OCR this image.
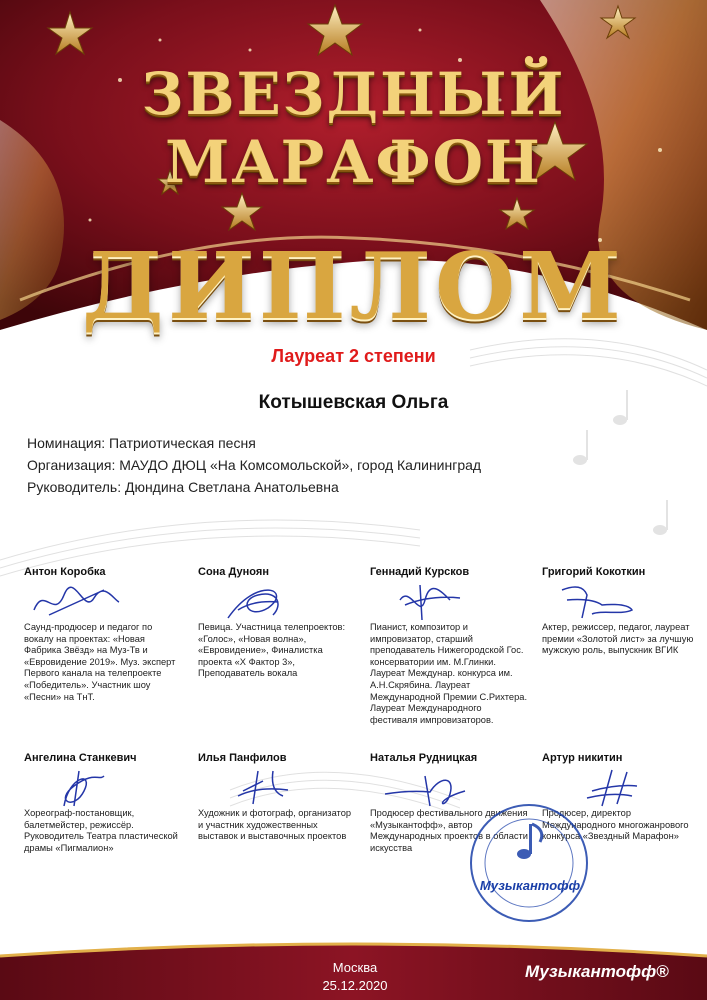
ЗВЕЗДНЫЙ
МАРАФОН
ДИПЛОМ
Лауреат 2 степени
Котышевская Ольга
Номинация: Патриотическая песня
Организация: МАУДО ДЮЦ «На Комсомольской», город Калининград
Руководитель: Дюндина Светлана Анатольевна
Антон Коробка
Саунд-продюсер и педагог по вокалу на проектах: «Новая Фабрика Звёзд» на Муз-Тв и «Евровидение 2019». Муз. эксперт Первого канала на телепроекте «Победитель». Участник шоу «Песни» на ТнТ.
Сона Дунoян
Певица. Участница телепроектов: «Голос», «Новая волна», «Евровидение», Финалистка проекта «Х Фактор 3», Преподаватель вокала
Геннадий Курсков
Пианист, композитор и импровизатор, старший преподаватель Нижегородской Гос. консерватории им. М.Глинки. Лауреат Междунар. конкурса им. А.Н.Скрябина. Лауреат Международной Премии С.Рихтера. Лауреат Международного фестиваля импровизаторов.
Григорий Кокоткин
Актер, режиссер, педагог, лауреат премии «Золотой лист» за лучшую мужскую роль, выпускник ВГИК
Ангелина Станкевич
Хореограф-постановщик, балетмейстер, режиссёр. Руководитель Театра пластической драмы «Пигмалион»
Илья Панфилов
Художник и фотограф, организатор и участник художественных выставок и выставочных проектов
Наталья Рудницкая
Продюсер фестивального движения «Музыкантофф», автор Международных проектов в области искусства
Артур никитин
Продюсер, директор Международного многожанрового конкурса «Звездный Марафон»
Музыкантофф
Москва
25.12.2020
Музыкантофф®
